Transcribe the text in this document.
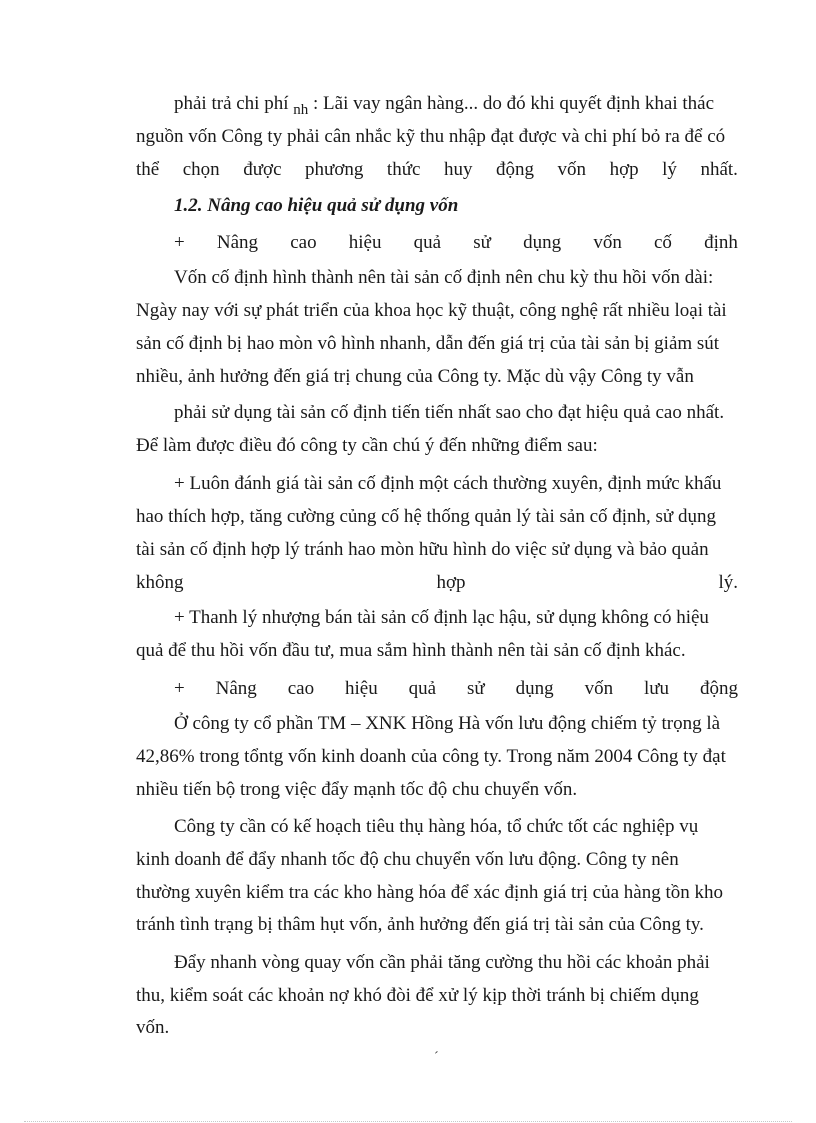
phải trả chi phí $_{nh}$ : Lãi vay ngân hàng... do đó khi quyết định khai thác
nguồn vốn Công ty phải cân nhắc kỹ thu nhập đạt được và chi phí bỏ ra để có
thể chọn được phương thức huy động vốn hợp lý nhất.
1.2. Nâng cao hiệu quả sử dụng vốn
+ Nâng cao hiệu quả sử dụng vốn cố định
Vốn cố định hình thành nên tài sản cố định nên chu kỳ thu hồi vốn dài:
Ngày nay với sự phát triển của khoa học kỹ thuật, công nghệ rất nhiều loại tài
sản cố định bị hao mòn vô hình nhanh, dẫn đến giá trị của tài sản bị giảm sút
nhiều, ảnh hưởng đến giá trị chung của Công ty. Mặc dù vậy Công ty vẫn
phải sử dụng tài sản cố định tiến tiến nhất sao cho đạt hiệu quả cao nhất.
Để làm được điều đó công ty cần chú ý đến những điểm sau:
+ Luôn đánh giá tài sản cố định một cách thường xuyên, định mức khấu
hao thích hợp, tăng cường củng cố hệ thống quản lý tài sản cố định, sử dụng
tài sản cố định hợp lý tránh hao mòn hữu hình do việc sử dụng và bảo quản
không	hợp	lý.
+ Thanh lý nhượng bán tài sản cố định lạc hậu, sử dụng không có hiệu
quả để thu hồi vốn đầu tư, mua sắm hình thành nên tài sản cố định khác.
+ Nâng cao hiệu quả sử dụng vốn lưu động
Ở công ty cổ phần TM – XNK Hồng Hà vốn lưu động chiếm tỷ trọng là
42,86% trong tổntg vốn kinh doanh của công ty. Trong năm 2004 Công ty đạt
nhiều tiến bộ trong việc đẩy mạnh tốc độ chu chuyển vốn.
Công ty cần có kế hoạch tiêu thụ hàng hóa, tổ chức tốt các nghiệp vụ
kinh doanh để đẩy nhanh tốc độ chu chuyển vốn lưu động. Công ty nên
thường xuyên kiểm tra các kho hàng hóa để xác định giá trị của hàng tồn kho
tránh tình trạng bị thâm hụt vốn, ảnh hưởng đến giá trị tài sản của Công ty.
Đẩy nhanh vòng quay vốn cần phải tăng cường thu hồi các khoản phải
thu, kiểm soát các khoản nợ khó đòi để xử lý kịp thời tránh bị chiếm dụng
vốn.
´
